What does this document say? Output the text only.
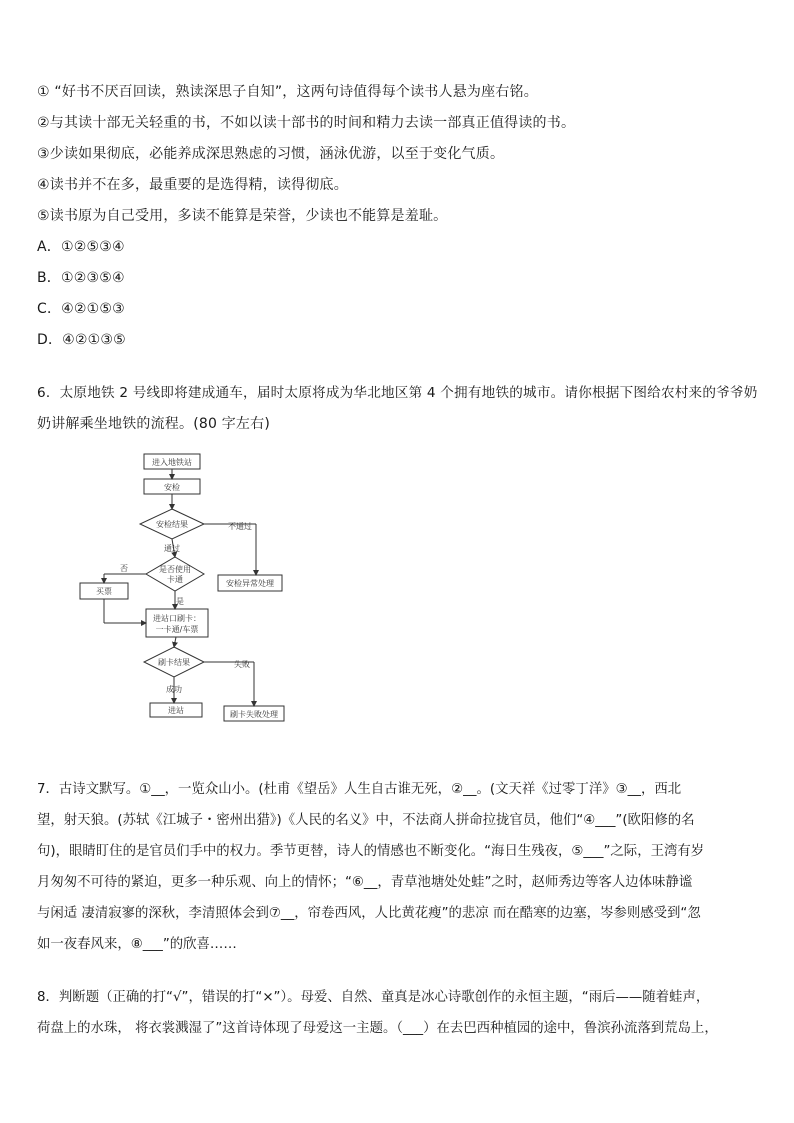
① “好书不厌百回读，熟读深思子自知”，这两句诗值得每个读书人悬为座右铭。
②与其读十部无关轻重的书，不如以读十部书的时间和精力去读一部真正值得读的书。
③少读如果彻底，必能养成深思熟虑的习惯，涵泳优游，以至于变化气质。
④读书并不在多，最重要的是选得精，读得彻底。
⑤读书原为自己受用，多读不能算是荣誉，少读也不能算是羞耻。
A．①②⑤③④
B．①②③⑤④
C．④②①⑤③
D．④②①③⑤
6．太原地铁 2 号线即将建成通车，届时太原将成为华北地区第 4 个拥有地铁的城市。请你根据下图给农村来的爷爷奶
奶讲解乘坐地铁的流程。(80 字左右)
进入地铁站
安检
安检结果	不通过
通过
安检异常处理
是否使用
卡通
否
是
买票
进站口刷卡：
一卡通/车票
刷卡结果	失败
成功
进站	刷卡失败处理
7．古诗文默写。①__，一览众山小。(杜甫《望岳》人生自古谁无死，②__。(文天祥《过零丁洋》③__，西北
望，射天狼。(苏轼《江城子・密州出猎》)《人民的名义》中，不法商人拼命拉拢官员，他们“④___”(欧阳修的名
句)，眼睛盯住的是官员们手中的权力。季节更替，诗人的情感也不断变化。“海日生残夜，⑤___”之际，王湾有岁
月匆匆不可待的紧迫，更多一种乐观、向上的情怀；“⑥__，青草池塘处处蛙”之时，赵师秀边等客人边体味静谧
与闲适 凄清寂寥的深秋，李清照体会到⑦__，帘卷西风，人比黄花瘦”的悲凉 而在酷寒的边塞，岑参则感受到“忽
如一夜春风来，⑧___”的欣喜……
8．判断题（正确的打“√”，错误的打“×”）。母爱、自然、童真是冰心诗歌创作的永恒主题，“雨后——随着蛙声，
荷盘上的水珠， 将衣裳溅湿了”这首诗体现了母爱这一主题。（___）在去巴西种植园的途中，鲁滨孙流落到荒岛上，
